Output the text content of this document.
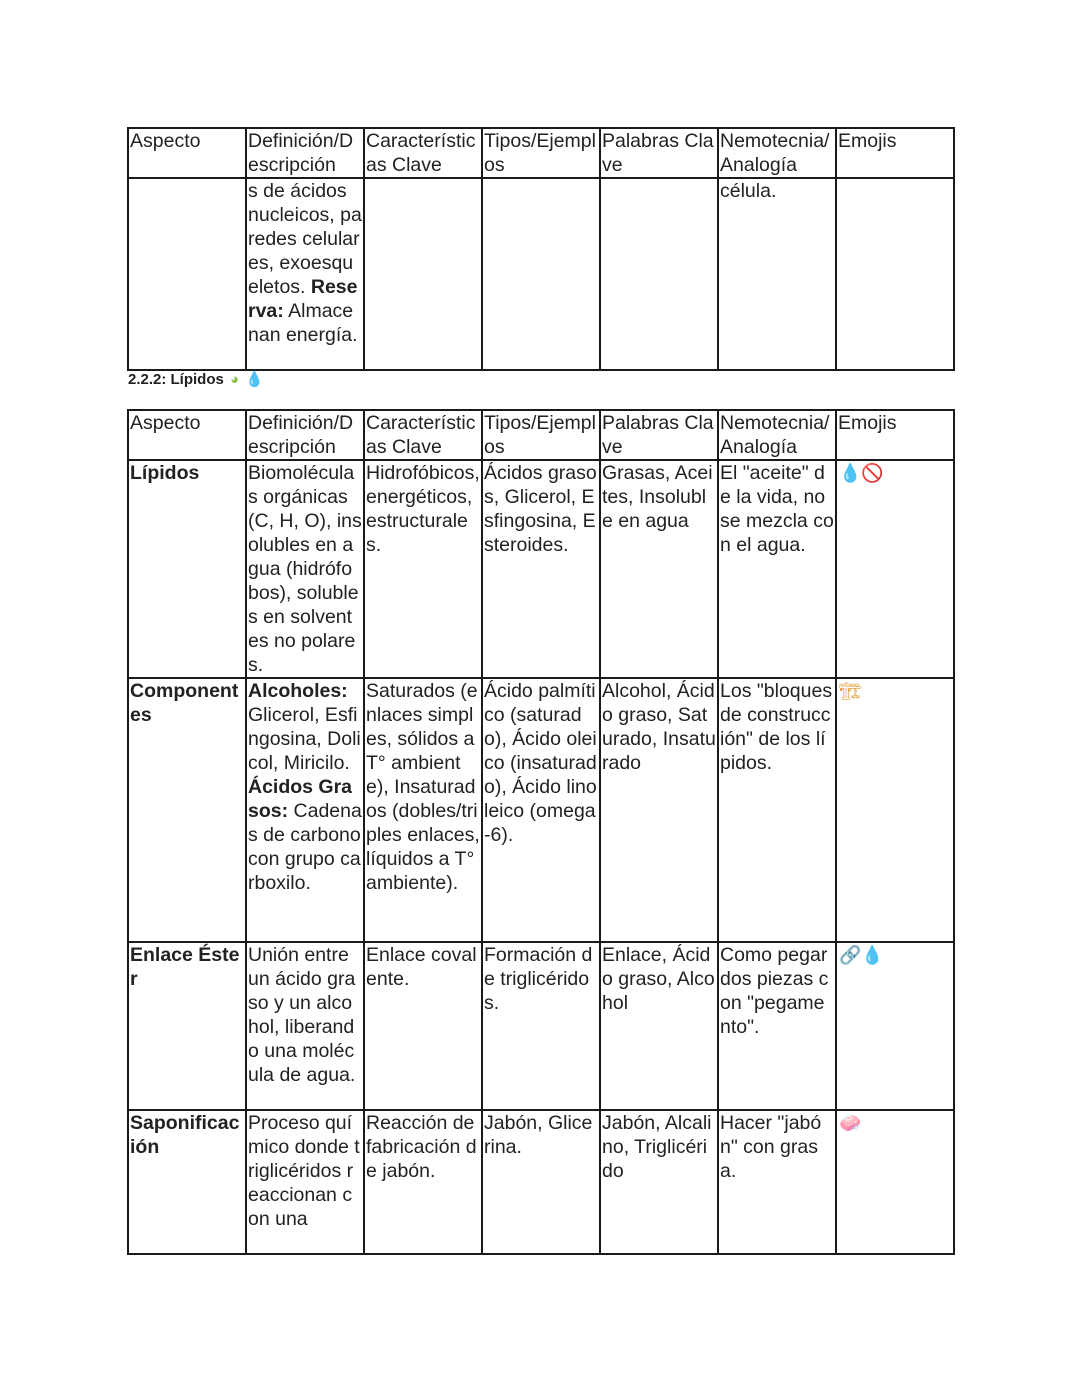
Aspecto	Definición/Descripción	Características Clave	Tipos/Ejemplos	Palabras Clave	Nemotecnia/ Analogía	Emojis
	s de ácidos nucleicos, paredes celulares, exoesqueletos. Reserva: Almacenan energía.				célula.	
2.2.2: Lípidos ◕ 💧
Aspecto	Definición/Descripción	Características Clave	Tipos/Ejemplos	Palabras Clave	Nemotecnia/ Analogía	Emojis
Lípidos	Biomoléculas orgánicas (C, H, O), insolubles en agua (hidrófobos), solubles en solventes no polares.	Hidrofóbicos, energéticos, estructurales.	Ácidos grasos, Glicerol, Esfingosina, Esteroides.	Grasas, Aceites, Insoluble en agua	El "aceite" de la vida, no se mezcla con el agua.	💧🚫
Componentes	Alcoholes: Glicerol, Esfingosina, Dolicol, Miricilo. Ácidos Grasos: Cadenas de carbono con grupo carboxilo.	Saturados (enlaces simples, sólidos a T° ambiente), Insaturados (dobles/triples enlaces, líquidos a T° ambiente).	Ácido palmítico (saturado), Ácido oleico (insaturado), Ácido linoleico (omega-6).	Alcohol, Ácido graso, Saturado, Insaturado	Los "bloques de construcción" de los lípidos.	🏗
Enlace Éster	Unión entre un ácido graso y un alcohol, liberando una molécula de agua.	Enlace covalente.	Formación de triglicéridos.	Enlace, Ácido graso, Alcohol	Como pegar dos piezas con "pegamento".	🔗💧
Saponificación	Proceso químico donde triglicéridos reaccionan con una	Reacción de fabricación de jabón.	Jabón, Glicerina.	Jabón, Alcalino, Triglicérido	Hacer "jabón" con grasa.	🧼
